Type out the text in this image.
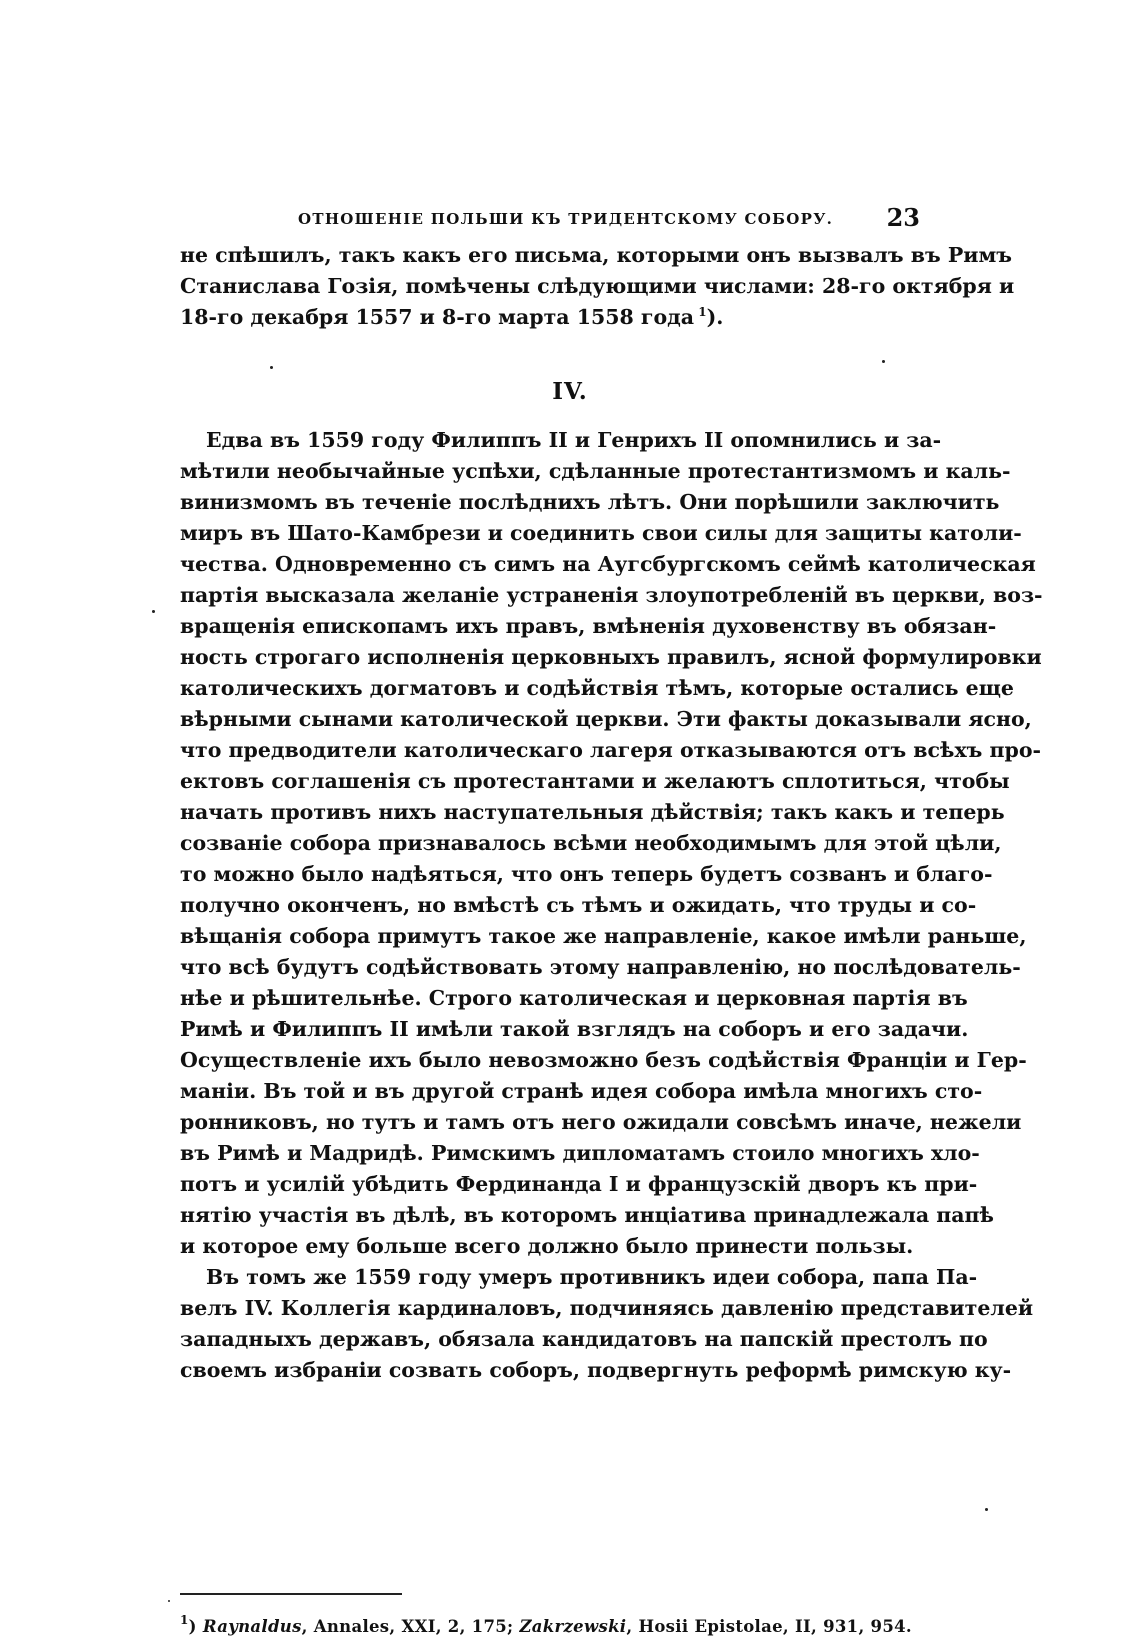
ОТНОШЕНІЕ ПОЛЬШИ КЪ ТРИДЕНТСКОМУ СОБОРУ. 23
не спѣшилъ, такъ какъ его письма, которыми онъ вызвалъ въ Римъ
Станислава Гозія, помѣчены слѣдующими числами: 28-го октября и
18-го декабря 1557 и 8-го марта 1558 года  $^1$).
IV.
Едва въ 1559 году Филиппъ II и Генрихъ II опомнились и за-
мѣтили необычайные успѣхи, сдѣланные протестантизмомъ и каль-
винизмомъ въ теченіе послѣднихъ лѣтъ. Они порѣшили заключить
миръ въ Шато-Камбрези и соединить свои силы для защиты католи-
чества. Одновременно съ симъ на Аугсбургскомъ сеймѣ католическая
партія высказала желаніе устраненія злоупотребленій въ церкви, воз-
вращенія епископамъ ихъ правъ, вмѣненія духовенству въ обязан-
ность строгаго исполненія церковныхъ правилъ, ясной формулировки
католическихъ догматовъ и содѣйствія тѣмъ, которые остались еще
вѣрными сынами католической церкви. Эти факты доказывали ясно,
что предводители католическаго лагеря отказываются отъ всѣхъ про-
ектовъ соглашенія съ протестантами и желаютъ сплотиться, чтобы
начать противъ нихъ наступательныя дѣйствія; такъ какъ и теперь
созваніе собора признавалось всѣми необходимымъ для этой цѣли,
то можно было надѣяться, что онъ теперь будетъ созванъ и благо-
получно оконченъ, но вмѣстѣ съ тѣмъ и ожидать, что труды и со-
вѣщанія собора примутъ такое же направленіе, какое имѣли раньше,
что всѣ будутъ содѣйствовать этому направленію, но послѣдователь-
нѣе и рѣшительнѣе. Строго католическая и церковная партія въ
Римѣ и Филиппъ II имѣли такой взглядъ на соборъ и его задачи.
Осуществленіе ихъ было невозможно безъ содѣйствія Франціи и Гер-
маніи. Въ той и въ другой странѣ идея собора имѣла многихъ сто-
ронниковъ, но тутъ и тамъ отъ него ожидали совсѣмъ иначе, нежели
въ Римѣ и Мадридѣ. Римскимъ дипломатамъ стоило многихъ хло-
потъ и усилій убѣдить Фердинанда I и французскій дворъ къ при-
нятію участія въ дѣлѣ, въ которомъ инціатива принадлежала папѣ
и которое ему больше всего должно было принести пользы.
Въ томъ же 1559 году умеръ противникъ идеи собора, папа Па-
велъ IV. Коллегія кардиналовъ, подчиняясь давленію представителей
западныхъ державъ, обязала кандидатовъ на папскій престолъ по
своемъ избраніи созвать соборъ, подвергнуть реформѣ римскую ку-
$^1$) Raynaldus, Annales, XXI, 2, 175; Zakrzewski, Hosii Epistolae, II, 931, 954.
